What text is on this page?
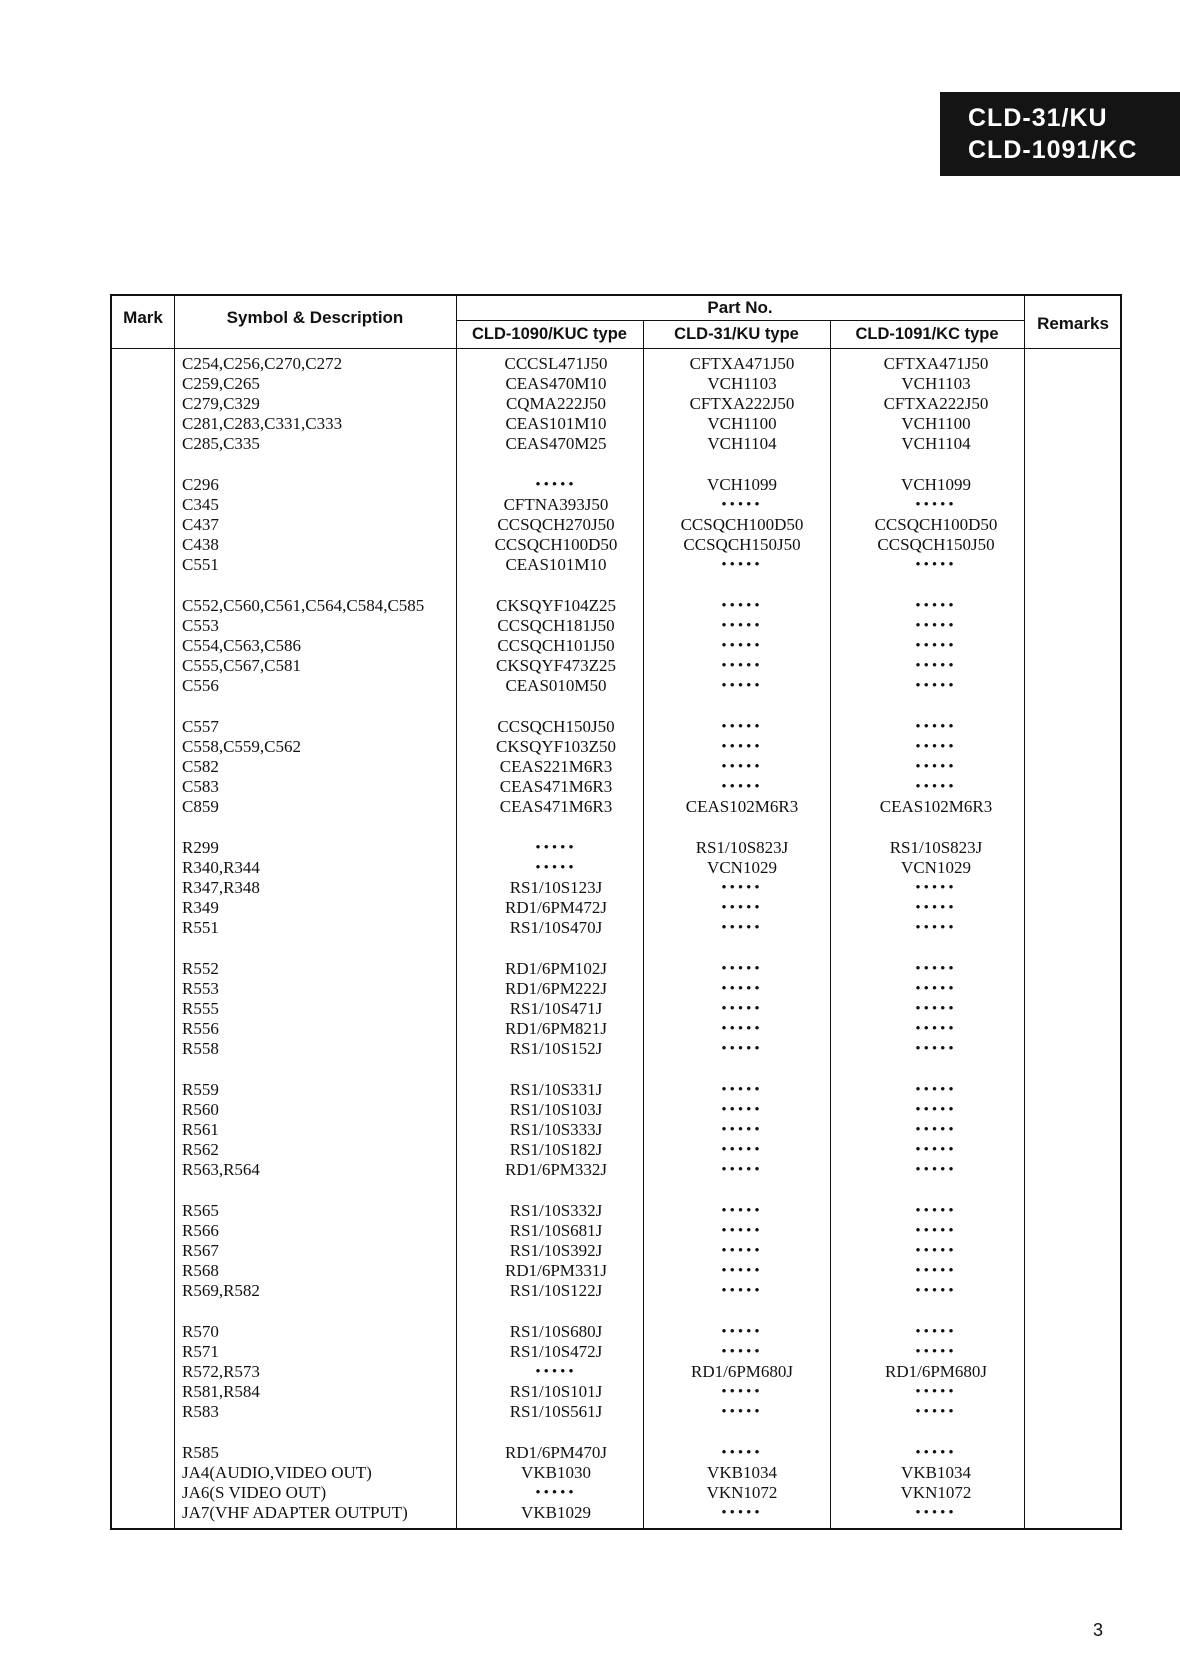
CLD-31/KU
CLD-1091/KC
Mark	Symbol & Description
Part No.
CLD-1090/KUC type	CLD-31/KU type	CLD-1091/KC type
Remarks
C254,C256,C270,C272	CCCSL471J50	CFTXA471J50	CFTXA471J50
C259,C265	CEAS470M10	VCH1103	VCH1103
C279,C329	CQMA222J50	CFTXA222J50	CFTXA222J50
C281,C283,C331,C333	CEAS101M10	VCH1100	VCH1100
C285,C335	CEAS470M25	VCH1104	VCH1104
C296	•••••	VCH1099	VCH1099
C345	CFTNA393J50	•••••	•••••
C437	CCSQCH270J50	CCSQCH100D50	CCSQCH100D50
C438	CCSQCH100D50	CCSQCH150J50	CCSQCH150J50
C551	CEAS101M10	•••••	•••••
C552,C560,C561,C564,C584,C585	CKSQYF104Z25	•••••	•••••
C553	CCSQCH181J50	•••••	•••••
C554,C563,C586	CCSQCH101J50	•••••	•••••
C555,C567,C581	CKSQYF473Z25	•••••	•••••
C556	CEAS010M50	•••••	•••••
C557	CCSQCH150J50	•••••	•••••
C558,C559,C562	CKSQYF103Z50	•••••	•••••
C582	CEAS221M6R3	•••••	•••••
C583	CEAS471M6R3	•••••	•••••
C859	CEAS471M6R3	CEAS102M6R3	CEAS102M6R3
R299	•••••	RS1/10S823J	RS1/10S823J
R340,R344	•••••	VCN1029	VCN1029
R347,R348	RS1/10S123J	•••••	•••••
R349	RD1/6PM472J	•••••	•••••
R551	RS1/10S470J	•••••	•••••
R552	RD1/6PM102J	•••••	•••••
R553	RD1/6PM222J	•••••	•••••
R555	RS1/10S471J	•••••	•••••
R556	RD1/6PM821J	•••••	•••••
R558	RS1/10S152J	•••••	•••••
R559	RS1/10S331J	•••••	•••••
R560	RS1/10S103J	•••••	•••••
R561	RS1/10S333J	•••••	•••••
R562	RS1/10S182J	•••••	•••••
R563,R564	RD1/6PM332J	•••••	•••••
R565	RS1/10S332J	•••••	•••••
R566	RS1/10S681J	•••••	•••••
R567	RS1/10S392J	•••••	•••••
R568	RD1/6PM331J	•••••	•••••
R569,R582	RS1/10S122J	•••••	•••••
R570	RS1/10S680J	•••••	•••••
R571	RS1/10S472J	•••••	•••••
R572,R573	•••••	RD1/6PM680J	RD1/6PM680J
R581,R584	RS1/10S101J	•••••	•••••
R583	RS1/10S561J	•••••	•••••
R585	RD1/6PM470J	•••••	•••••
JA4(AUDIO,VIDEO OUT)	VKB1030	VKB1034	VKB1034
JA6(S VIDEO OUT)	•••••	VKN1072	VKN1072
JA7(VHF ADAPTER OUTPUT)	VKB1029	•••••	•••••
3
